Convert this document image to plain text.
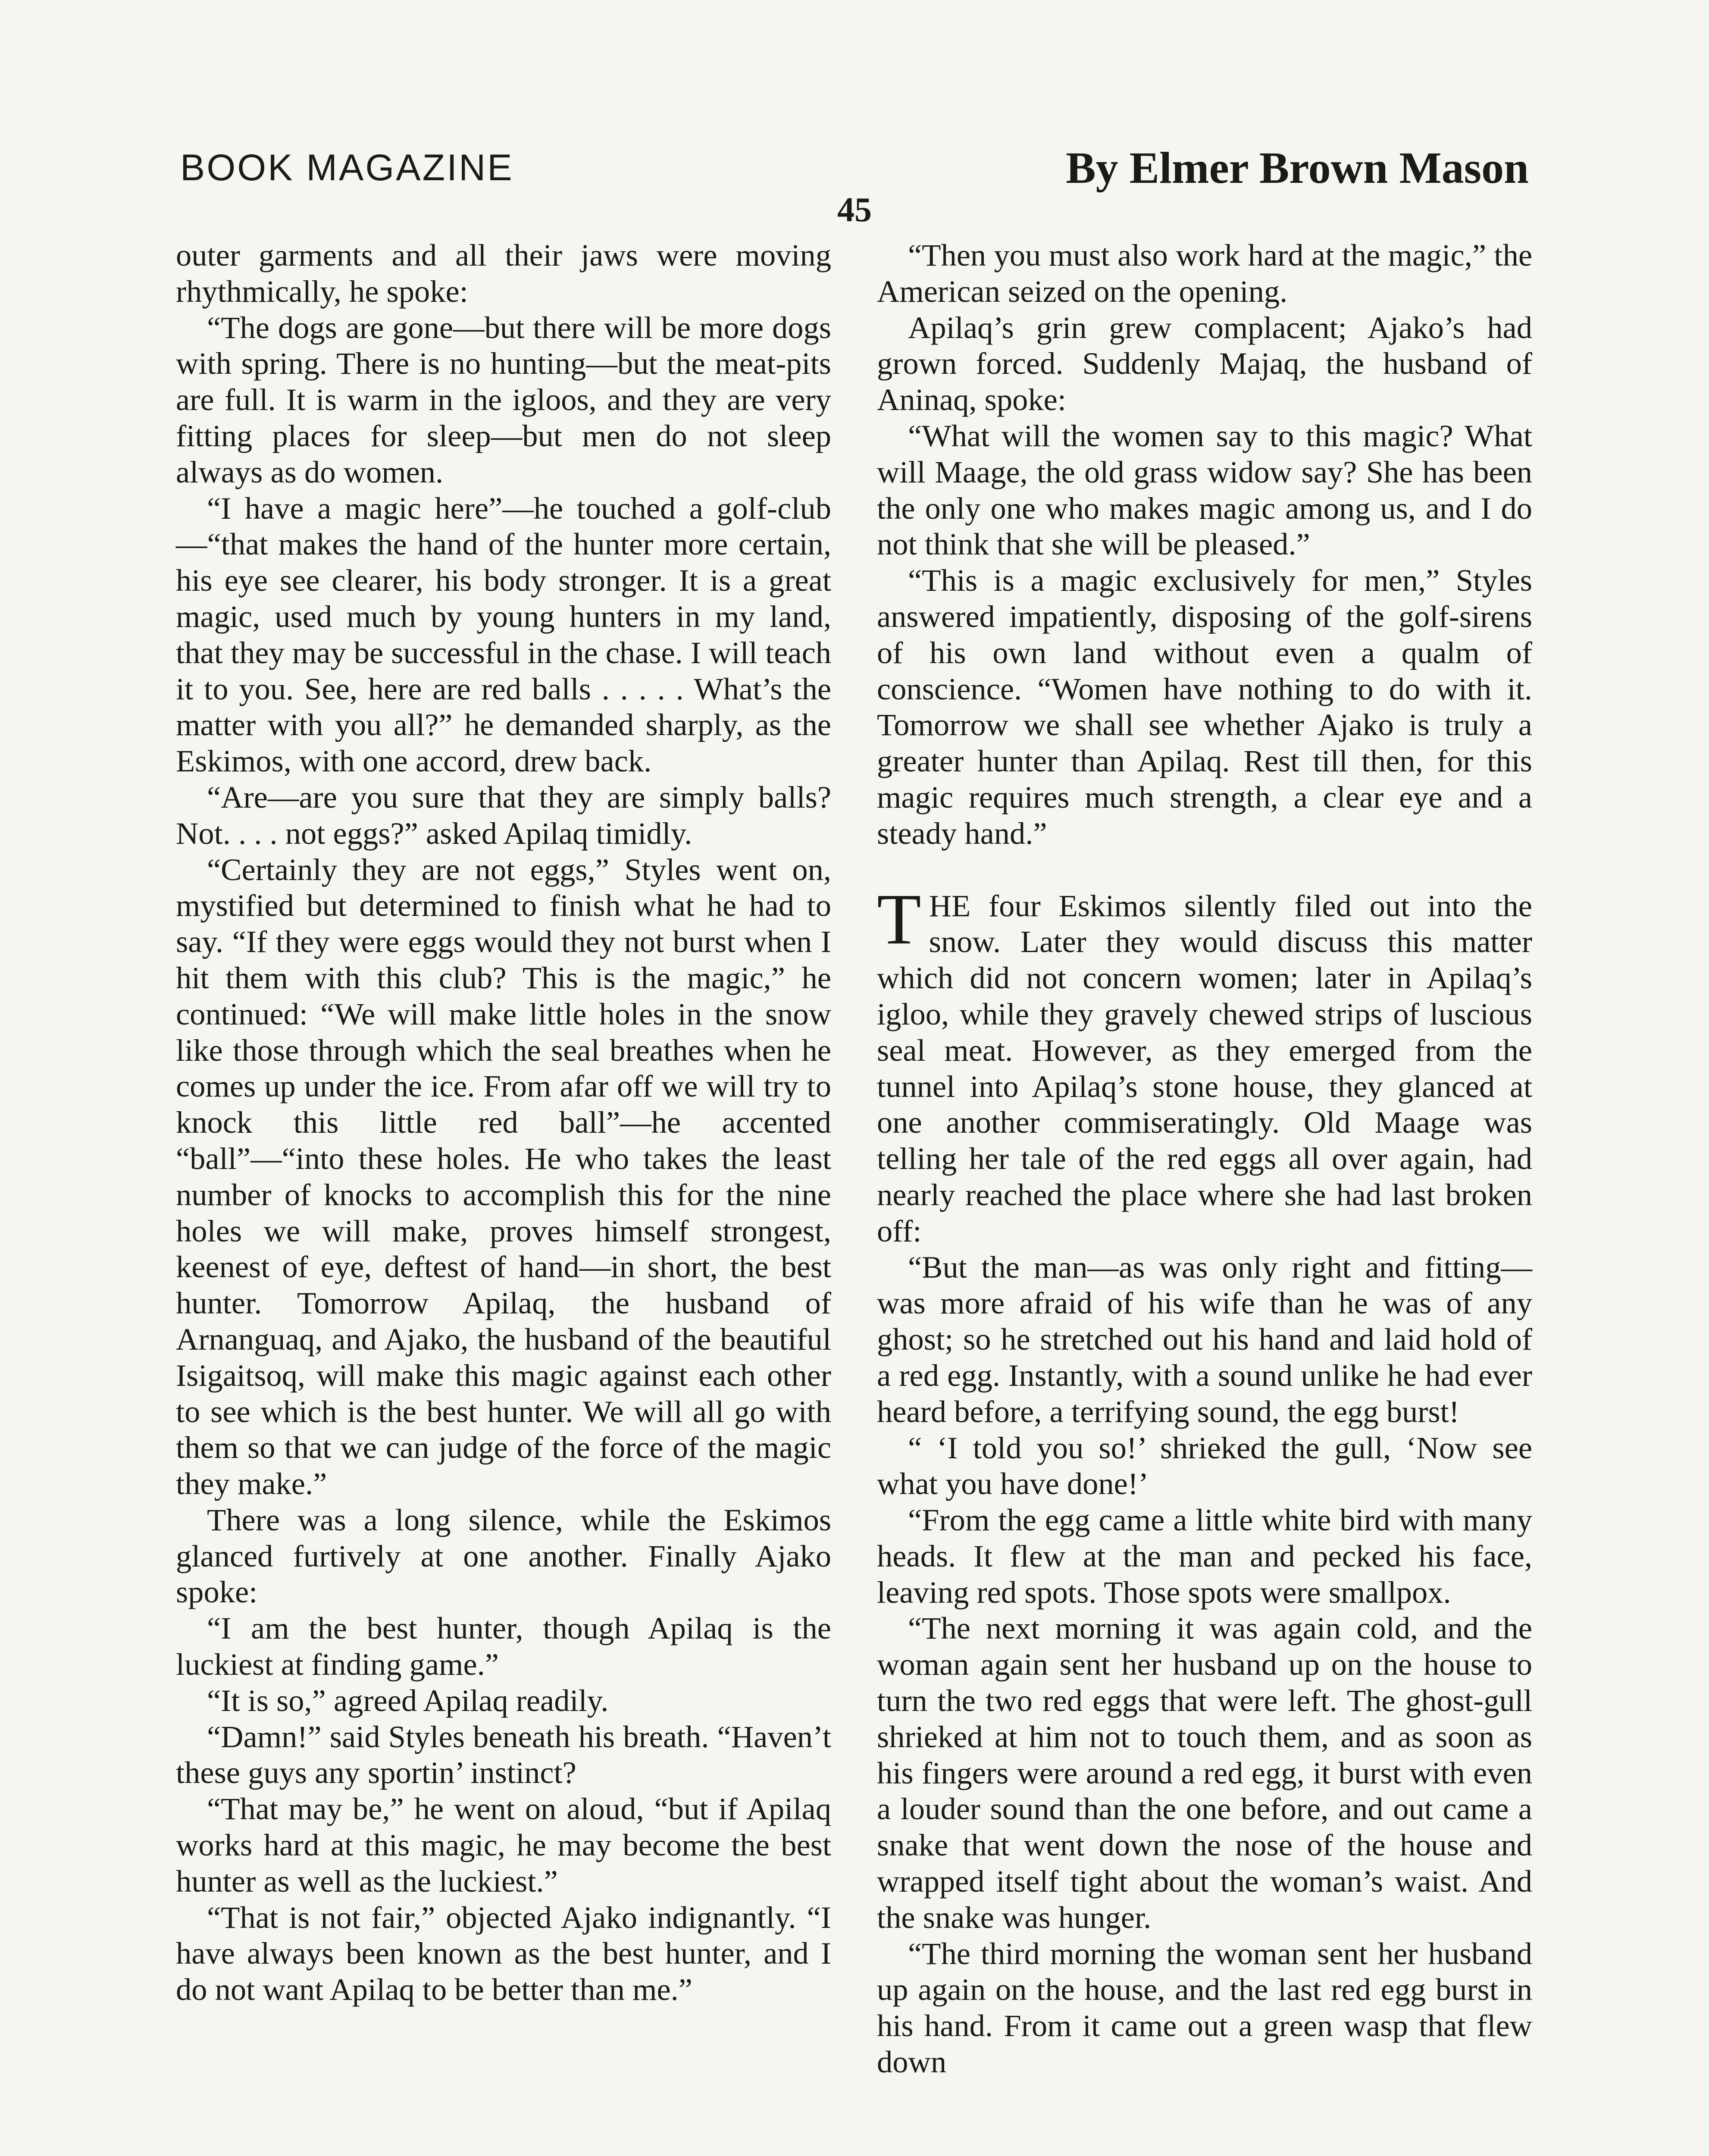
BOOK MAGAZINE	By Elmer Brown Mason
45

outer garments and all their jaws were moving rhythmically, he spoke:

“The dogs are gone—but there will be more dogs with spring. There is no hunting—but the meat-pits are full. It is warm in the igloos, and they are very fitting places for sleep—but men do not sleep always as do women.

“I have a magic here”—he touched a golf-club—“that makes the hand of the hunter more certain, his eye see clearer, his body stronger. It is a great magic, used much by young hunters in my land, that they may be successful in the chase. I will teach it to you. See, here are red balls . . . . . What’s the matter with you all?” he demanded sharply, as the Eskimos, with one accord, drew back.

“Are—are you sure that they are simply balls? Not. . . . not eggs?” asked Apilaq timidly.

“Certainly they are not eggs,” Styles went on, mystified but determined to finish what he had to say. “If they were eggs would they not burst when I hit them with this club? This is the magic,” he continued: “We will make little holes in the snow like those through which the seal breathes when he comes up under the ice. From afar off we will try to knock this little red ball”—he accented “ball”—“into these holes. He who takes the least number of knocks to accomplish this for the nine holes we will make, proves himself strongest, keenest of eye, deftest of hand—in short, the best hunter. Tomorrow Apilaq, the husband of Arnanguaq, and Ajako, the husband of the beautiful Isigaitsoq, will make this magic against each other to see which is the best hunter. We will all go with them so that we can judge of the force of the magic they make.”

There was a long silence, while the Eskimos glanced furtively at one another. Finally Ajako spoke:

“I am the best hunter, though Apilaq is the luckiest at finding game.”

“It is so,” agreed Apilaq readily.

“Damn!” said Styles beneath his breath. “Haven’t these guys any sportin’ instinct?

“That may be,” he went on aloud, “but if Apilaq works hard at this magic, he may become the best hunter as well as the luckiest.”

“That is not fair,” objected Ajako indignantly. “I have always been known as the best hunter, and I do not want Apilaq to be better than me.”

“Then you must also work hard at the magic,” the American seized on the opening.

Apilaq’s grin grew complacent; Ajako’s had grown forced. Suddenly Majaq, the husband of Aninaq, spoke:

“What will the women say to this magic? What will Maage, the old grass widow say? She has been the only one who makes magic among us, and I do not think that she will be pleased.”

“This is a magic exclusively for men,” Styles answered impatiently, disposing of the golf-sirens of his own land without even a qualm of conscience. “Women have nothing to do with it. Tomorrow we shall see whether Ajako is truly a greater hunter than Apilaq. Rest till then, for this magic requires much strength, a clear eye and a steady hand.”

THE four Eskimos silently filed out into the snow. Later they would discuss this matter which did not concern women; later in Apilaq’s igloo, while they gravely chewed strips of luscious seal meat. However, as they emerged from the tunnel into Apilaq’s stone house, they glanced at one another commiseratingly. Old Maage was telling her tale of the red eggs all over again, had nearly reached the place where she had last broken off:

“But the man—as was only right and fitting—was more afraid of his wife than he was of any ghost; so he stretched out his hand and laid hold of a red egg. Instantly, with a sound unlike he had ever heard before, a terrifying sound, the egg burst!

“ ‘I told you so!’ shrieked the gull, ‘Now see what you have done!’

“From the egg came a little white bird with many heads. It flew at the man and pecked his face, leaving red spots. Those spots were smallpox.

“The next morning it was again cold, and the woman again sent her husband up on the house to turn the two red eggs that were left. The ghost-gull shrieked at him not to touch them, and as soon as his fingers were around a red egg, it burst with even a louder sound than the one before, and out came a snake that went down the nose of the house and wrapped itself tight about the woman’s waist. And the snake was hunger.

“The third morning the woman sent her husband up again on the house, and the last red egg burst in his hand. From it came out a green wasp that flew down
